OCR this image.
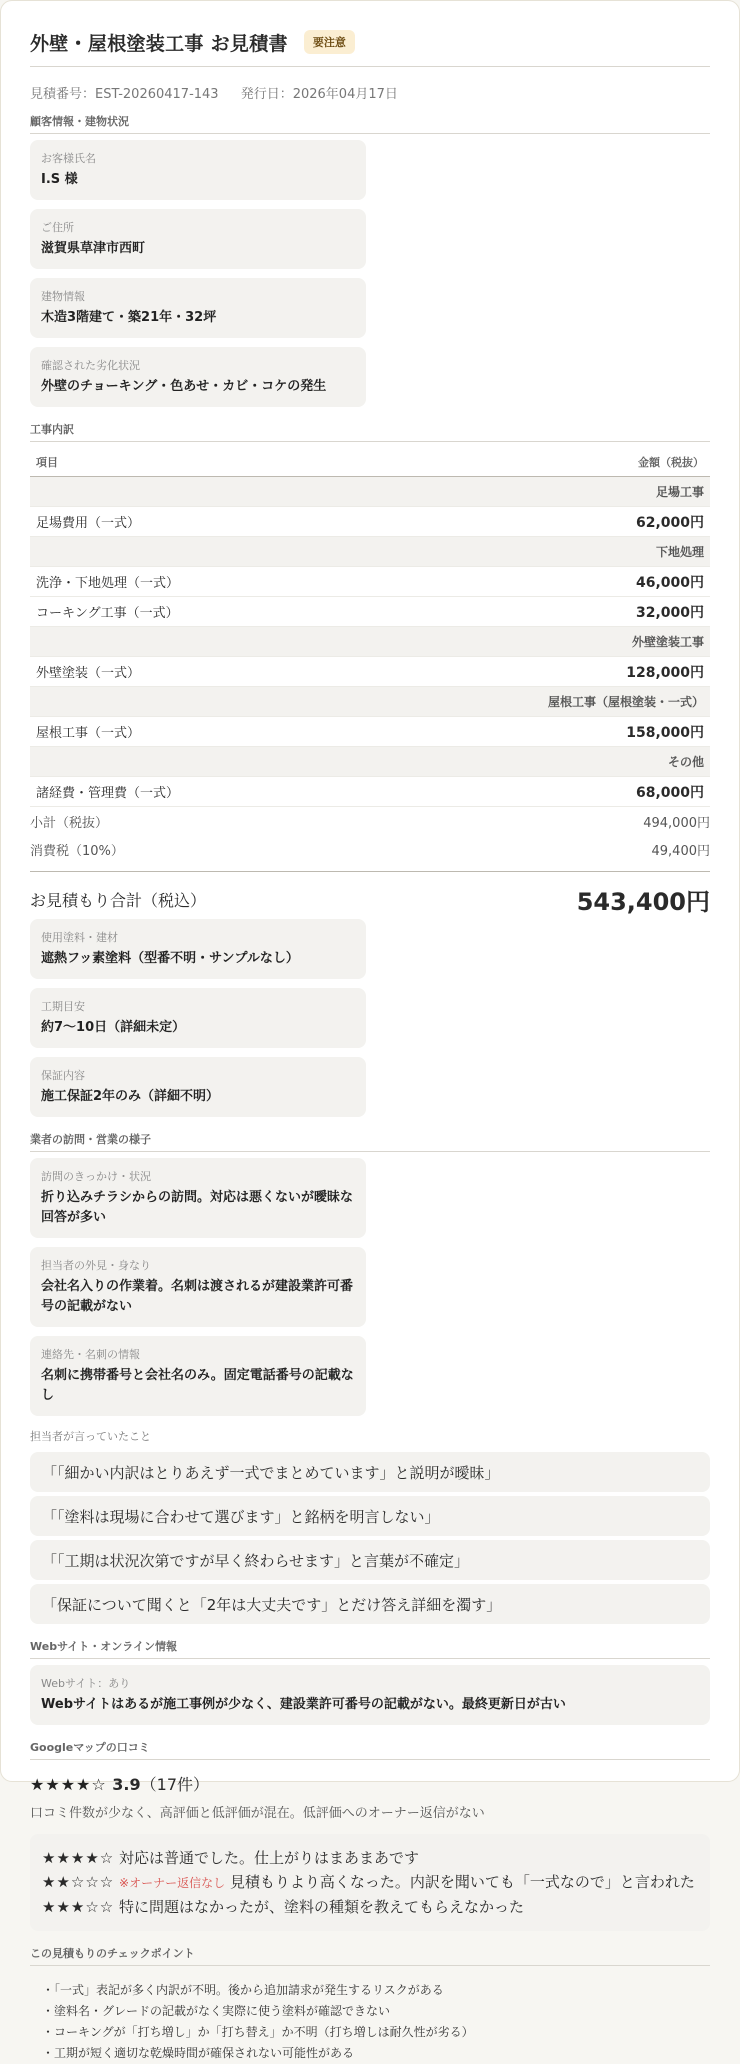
外壁・屋根塗装工事 お見積書	要注意
見積番号：EST-20260417-143 発行日：2026年04月17日
顧客情報・建物状況
お客様氏名
I.S 様
ご住所
滋賀県草津市西町
建物情報
木造3階建て・築21年・32坪
確認された劣化状況
外壁のチョーキング・色あせ・カビ・コケの発生
工事内訳
項目	金額（税抜）
足場工事	
足場費用（一式）	62,000円
下地処理	
洗浄・下地処理（一式）	46,000円
コーキング工事（一式）	32,000円
外壁塗装工事	
外壁塗装（一式）	128,000円
屋根工事（屋根塗装・一式）	
屋根工事（一式）	158,000円
その他	
諸経費・管理費（一式）	68,000円
小計（税抜）	494,000円
消費税（10%）	49,400円
お見積もり合計（税込）	543,400円
使用塗料・建材
遮熱フッ素塗料（型番不明・サンプルなし）
工期目安
約7〜10日（詳細未定）
保証内容
施工保証2年のみ（詳細不明）
業者の訪問・営業の様子
訪問のきっかけ・状況
折り込みチラシからの訪問。対応は悪くないが曖昧な回答が多い
担当者の外見・身なり
会社名入りの作業着。名刺は渡されるが建設業許可番号の記載がない
連絡先・名刺の情報
名刺に携帯番号と会社名のみ。固定電話番号の記載なし
担当者が言っていたこと
「「細かい内訳はとりあえず一式でまとめています」と説明が曖昧」
「「塗料は現場に合わせて選びます」と銘柄を明言しない」
「「工期は状況次第ですが早く終わらせます」と言葉が不確定」
「保証について聞くと「2年は大丈夫です」とだけ答え詳細を濁す」
Webサイト・オンライン情報
Webサイト：あり
Webサイトはあるが施工事例が少なく、建設業許可番号の記載がない。最終更新日が古い
Googleマップの口コミ
★★★★☆ 3.9（17件）
口コミ件数が少なく、高評価と低評価が混在。低評価へのオーナー返信がない
★★★★☆ 対応は普通でした。仕上がりはまあまあです
★★☆☆☆ ※オーナー返信なし 見積もりより高くなった。内訳を聞いても「一式なので」と言われた
★★★☆☆ 特に問題はなかったが、塗料の種類を教えてもらえなかった
この見積もりのチェックポイント
・「一式」表記が多く内訳が不明。後から追加請求が発生するリスクがある
・塗料名・グレードの記載がなく実際に使う塗料が確認できない
・コーキングが「打ち増し」か「打ち替え」か不明（打ち増しは耐久性が劣る）
・工期が短く適切な乾燥時間が確保されない可能性がある
